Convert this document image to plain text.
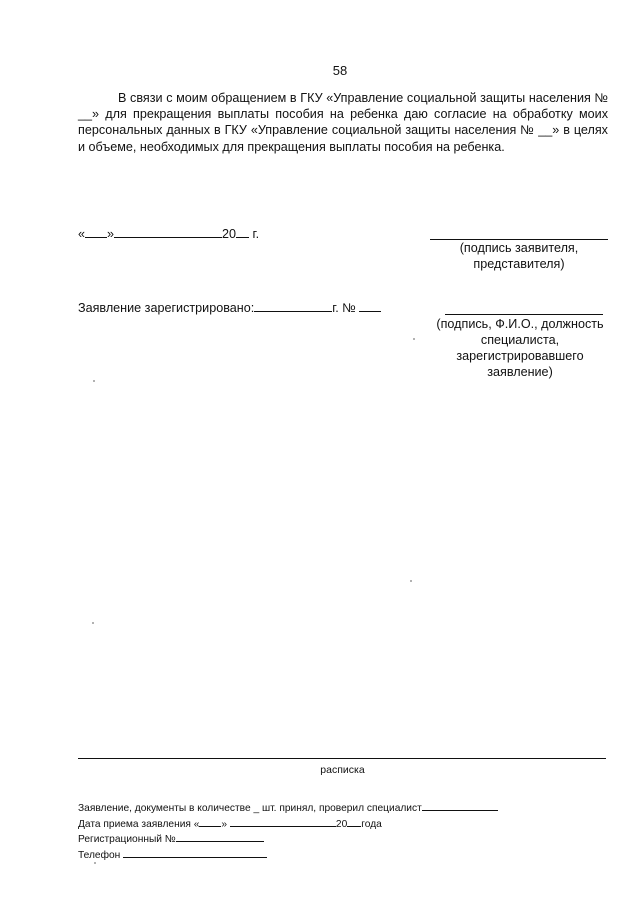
58
В связи с моим обращением в ГКУ «Управление социальной защиты населения № __» для прекращения выплаты пособия на ребенка даю согласие на обработку моих персональных данных в ГКУ «Управление социальной защиты населения № __» в целях и объеме, необходимых для прекращения выплаты пособия на ребенка.
« »	20 г.
(подпись заявителя, представителя)
Заявление зарегистрировано:	г. №
(подпись, Ф.И.О., должность специалиста, зарегистрировавшего заявление)
расписка
Заявление, документы в количестве _ шт. принял, проверил специалист
Дата приема заявления « »	20 года
Регистрационный №
Телефон
